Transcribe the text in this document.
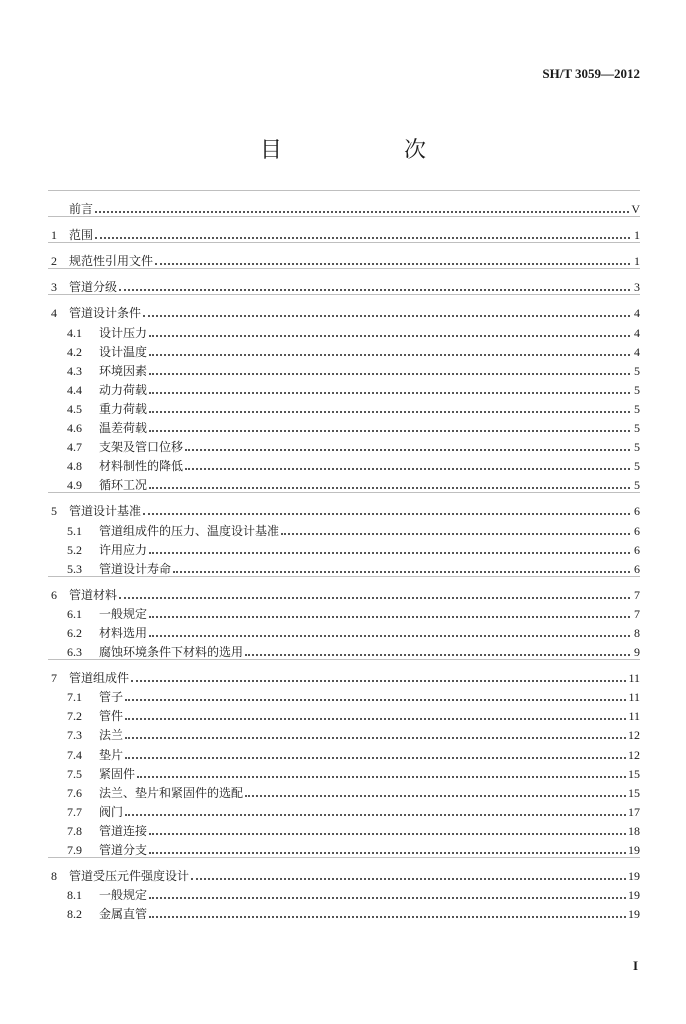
SH/T 3059—2012
目　次
前言	V
1	范围	1
2	规范性引用文件	1
3	管道分级	3
4	管道设计条件	4
4.1	设计压力	4
4.2	设计温度	4
4.3	环境因素	5
4.4	动力荷载	5
4.5	重力荷载	5
4.6	温差荷载	5
4.7	支架及管口位移	5
4.8	材料制性的降低	5
4.9	循环工况	5
5	管道设计基准	6
5.1	管道组成件的压力、温度设计基准	6
5.2	许用应力	6
5.3	管道设计寿命	6
6	管道材料	7
6.1	一般规定	7
6.2	材料选用	8
6.3	腐蚀环境条件下材料的选用	9
7	管道组成件	11
7.1	管子	11
7.2	管件	11
7.3	法兰	12
7.4	垫片	12
7.5	紧固件	15
7.6	法兰、垫片和紧固件的选配	15
7.7	阀门	17
7.8	管道连接	18
7.9	管道分支	19
8	管道受压元件强度设计	19
8.1	一般规定	19
8.2	金属直管	19
I
